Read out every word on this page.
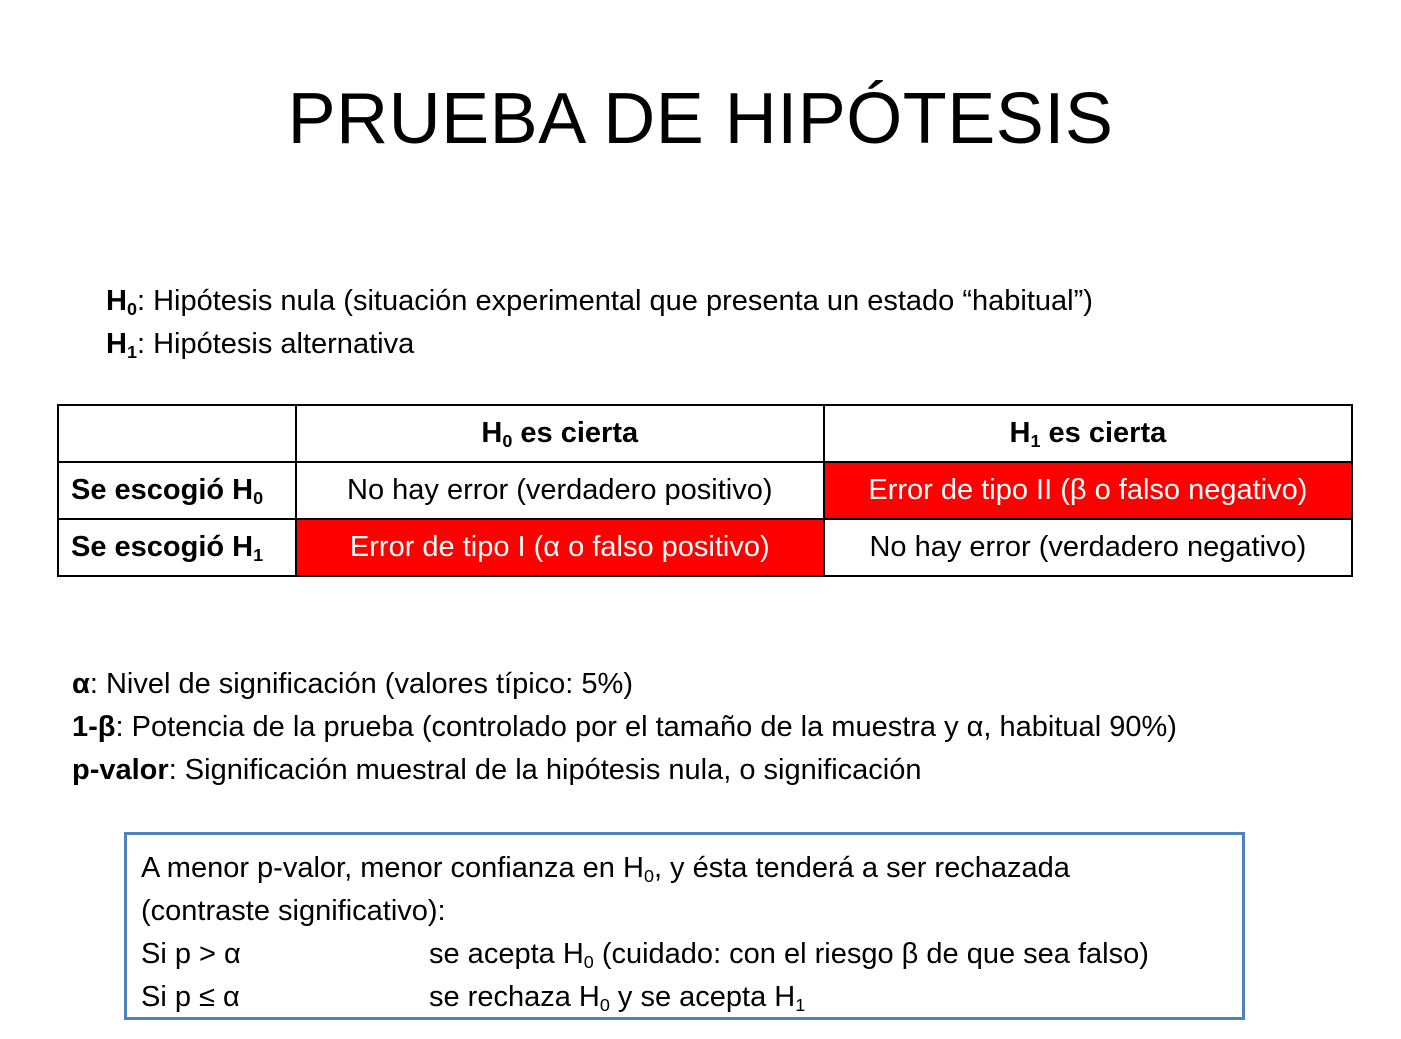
PRUEBA DE HIPÓTESIS
$H_0$: Hipótesis nula (situación experimental que presenta un estado “habitual”)
$H_1$: Hipótesis alternativa
	$H_0$ es cierta	$H_1$ es cierta
Se escogió $H_0$	No hay error (verdadero positivo)	Error de tipo II (β o falso negativo)
Se escogió $H_1$	Error de tipo I (α o falso positivo)	No hay error (verdadero negativo)
α: Nivel de significación (valores típico: 5%)
1-β: Potencia de la prueba (controlado por el tamaño de la muestra y α, habitual 90%)
p-valor: Significación muestral de la hipótesis nula, o significación
A menor p-valor, menor confianza en $H_0$, y ésta tenderá a ser rechazada
(contraste significativo):
Si p > α	se acepta $H_0$ (cuidado: con el riesgo β de que sea falso)
Si p ≤ α	se rechaza $H_0$ y se acepta $H_1$
